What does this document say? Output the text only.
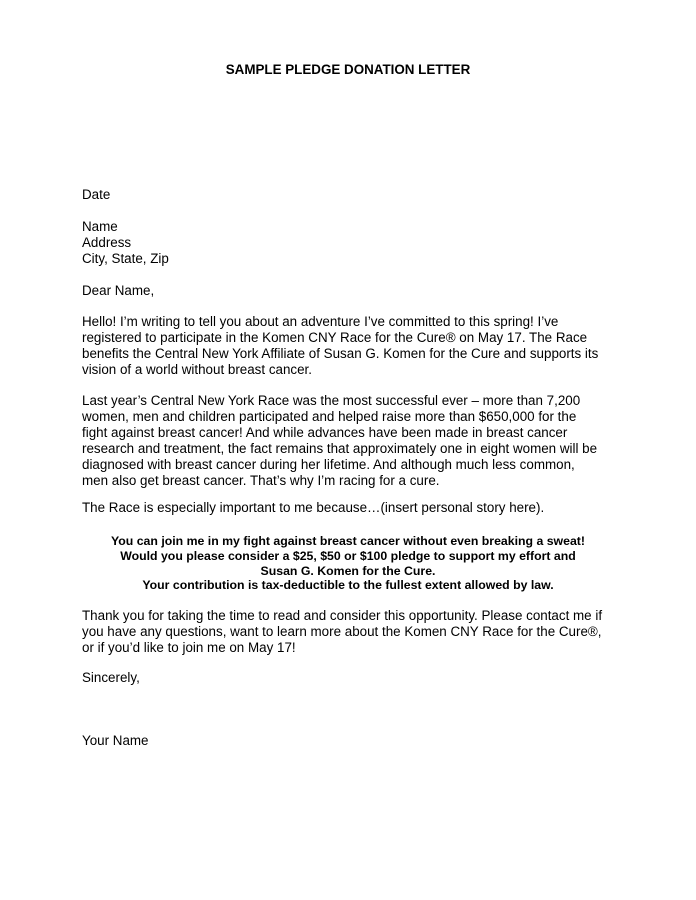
SAMPLE PLEDGE DONATION LETTER
Date
Name
Address
City, State, Zip
Dear Name,
Hello! I’m writing to tell you about an adventure I’ve committed to this spring! I’ve
registered to participate in the Komen CNY Race for the Cure® on May 17. The Race
benefits the Central New York Affiliate of Susan G. Komen for the Cure and supports its
vision of a world without breast cancer.
Last year’s Central New York Race was the most successful ever – more than 7,200
women, men and children participated and helped raise more than $650,000 for the
fight against breast cancer! And while advances have been made in breast cancer
research and treatment, the fact remains that approximately one in eight women will be
diagnosed with breast cancer during her lifetime. And although much less common,
men also get breast cancer. That’s why I’m racing for a cure.
The Race is especially important to me because…(insert personal story here).
You can join me in my fight against breast cancer without even breaking a sweat!
Would you please consider a $25, $50 or $100 pledge to support my effort and
Susan G. Komen for the Cure.
Your contribution is tax-deductible to the fullest extent allowed by law.
Thank you for taking the time to read and consider this opportunity. Please contact me if
you have any questions, want to learn more about the Komen CNY Race for the Cure®,
or if you’d like to join me on May 17!
Sincerely,
Your Name
